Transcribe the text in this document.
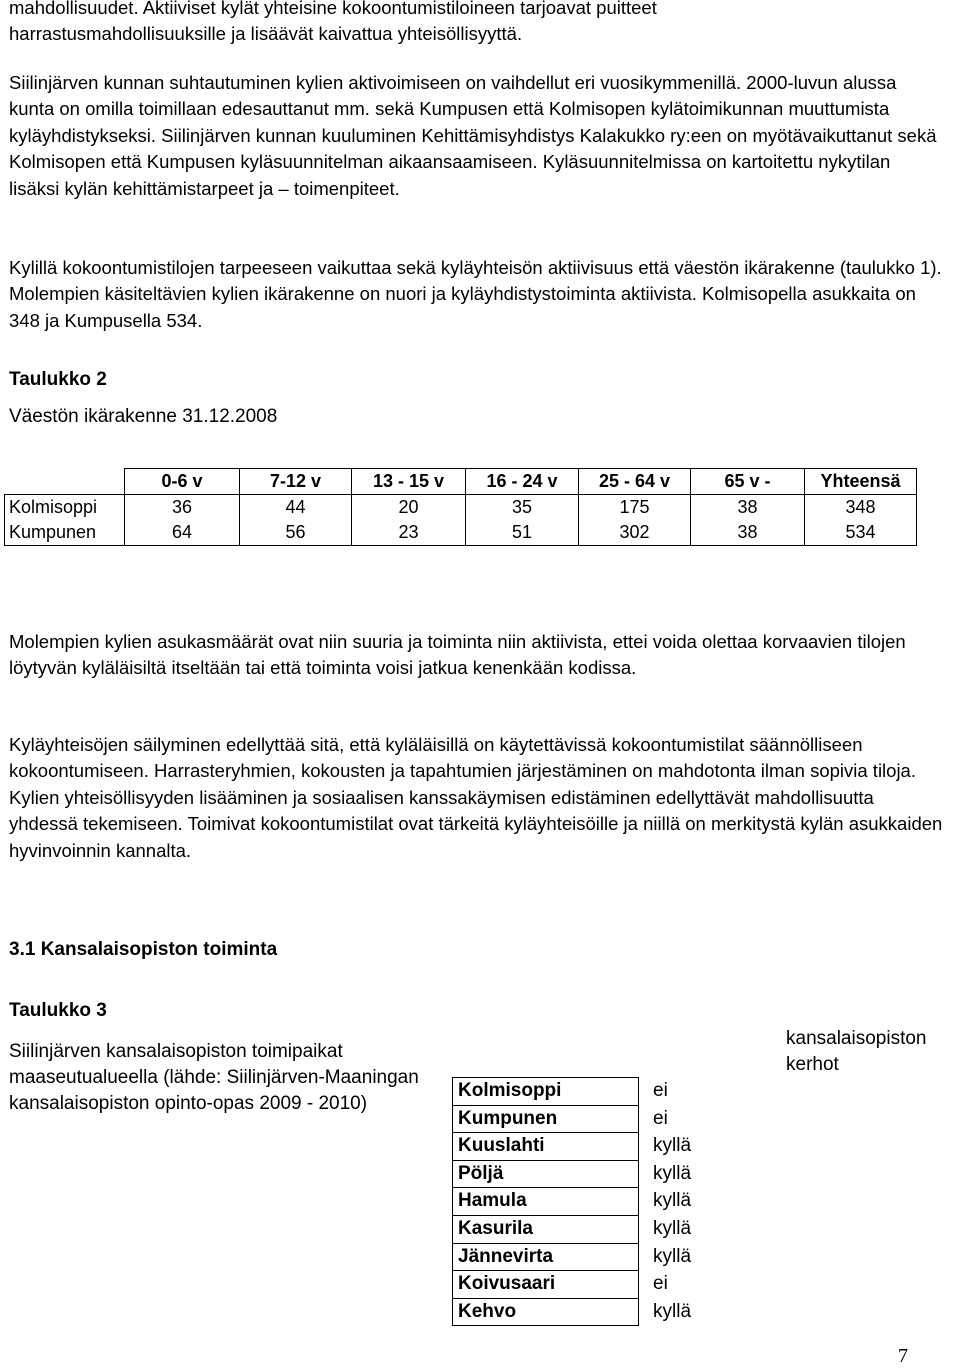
mahdollisuudet. Aktiiviset kylät yhteisine kokoontumistiloineen tarjoavat puitteet
harrastusmahdollisuuksille ja lisäävät kaivattua yhteisöllisyyttä.

Siilinjärven kunnan suhtautuminen kylien aktivoimiseen on vaihdellut eri vuosikymmenillä. 2000-luvun alussa kunta on omilla toimillaan edesauttanut mm. sekä Kumpusen että Kolmisopen kylätoimikunnan muuttumista kyläyhdistykseksi. Siilinjärven kunnan kuuluminen Kehittämisyhdistys Kalakukko ry:een on myötävaikuttanut sekä Kolmisopen että Kumpusen kyläsuunnitelman aikaansaamiseen. Kyläsuunnitelmissa on kartoitettu nykytilan lisäksi kylän kehittämistarpeet ja – toimenpiteet.

Kylillä kokoontumistilojen tarpeeseen vaikuttaa sekä kyläyhteisön aktiivisuus että väestön ikärakenne (taulukko 1). Molempien käsiteltävien kylien ikärakenne on nuori ja kyläyhdistystoiminta aktiivista. Kolmisopella asukkaita on 348 ja Kumpusella 534.

Taulukko 2
Väestön ikärakenne 31.12.2008
	0-6 v	7-12 v	13 - 15 v	16 - 24 v	25 - 64 v	65 v -	Yhteensä
Kolmisoppi	36	44	20	35	175	38	348
Kumpunen	64	56	23	51	302	38	534

Molempien kylien asukasmäärät ovat niin suuria ja toiminta niin aktiivista, ettei voida olettaa korvaavien tilojen löytyvän kyläläisiltä itseltään tai että toiminta voisi jatkua kenenkään kodissa.

Kyläyhteisöjen säilyminen edellyttää sitä, että kyläläisillä on käytettävissä kokoontumistilat säännölliseen kokoontumiseen. Harrasteryhmien, kokousten ja tapahtumien järjestäminen on mahdotonta ilman sopivia tiloja. Kylien yhteisöllisyyden lisääminen ja sosiaalisen kanssakäymisen edistäminen edellyttävät mahdollisuutta yhdessä tekemiseen. Toimivat kokoontumistilat ovat tärkeitä kyläyhteisöille ja niillä on merkitystä kylän asukkaiden hyvinvoinnin kannalta.

3.1 Kansalaisopiston toiminta
Taulukko 3
Siilinjärven kansalaisopiston toimipaikat maaseutualueella (lähde: Siilinjärven-Maaningan kansalaisopiston opinto-opas 2009 - 2010)
kansalaisopiston kerhot
Kolmisoppi	ei
Kumpunen	ei
Kuuslahti	kyllä
Pöljä	kyllä
Hamula	kyllä
Kasurila	kyllä
Jännevirta	kyllä
Koivusaari	ei
Kehvo	kyllä
7
